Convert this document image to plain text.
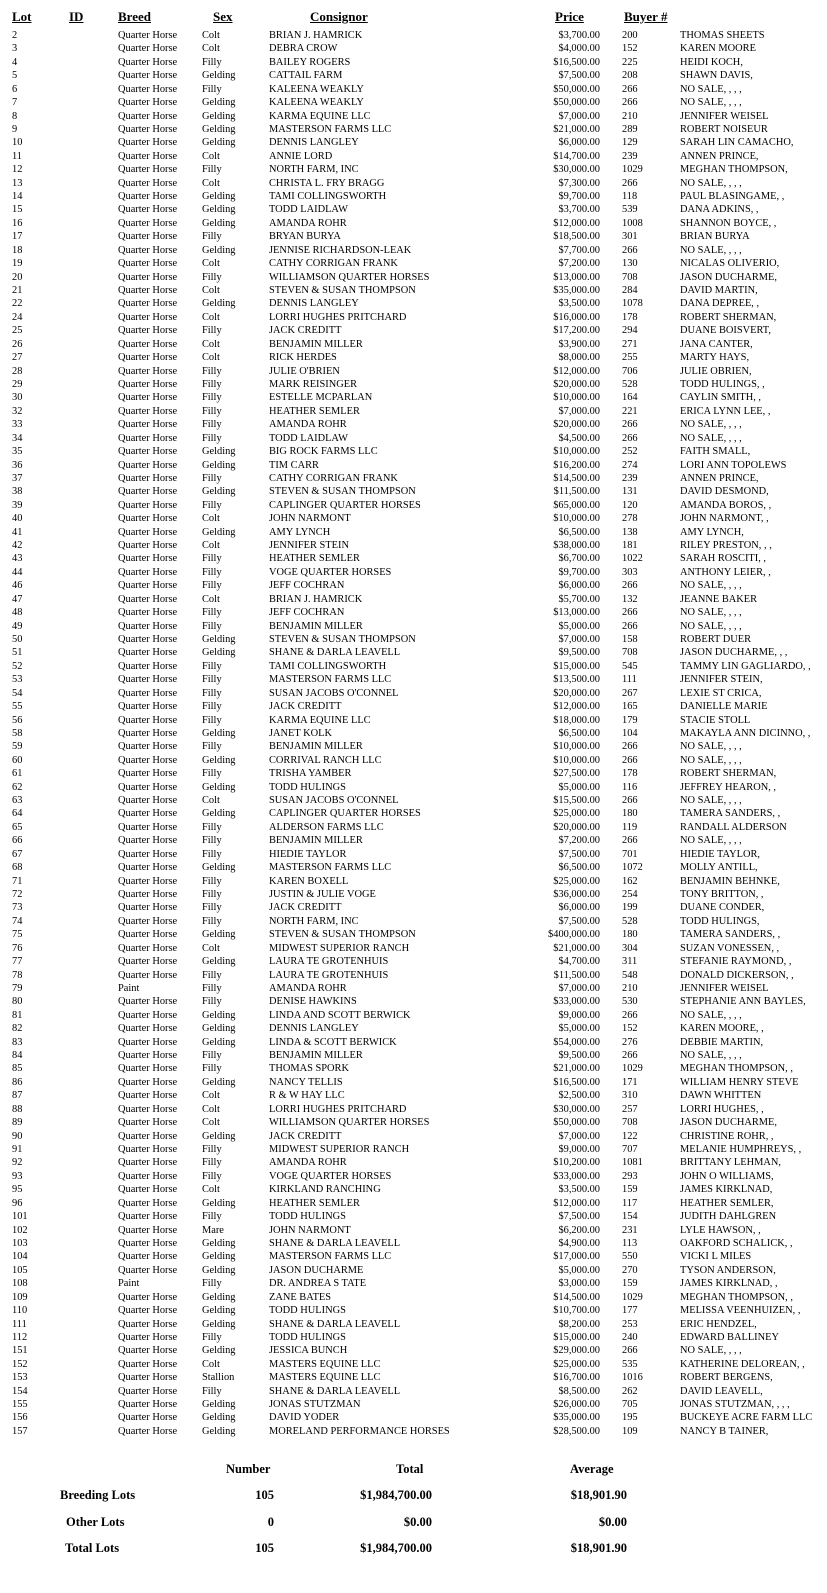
Lot	ID	Breed	Sex	Consignor	Price	Buyer #
2	Quarter Horse Colt	BRIAN J. HAMRICK	$3,700.00 200	THOMAS SHEETS
3	Quarter Horse Colt	DEBRA CROW	$4,000.00 152	KAREN MOORE
4	Quarter Horse Filly	BAILEY ROGERS	$16,500.00 225	HEIDI KOCH,
5	Quarter Horse Gelding	CATTAIL FARM	$7,500.00 208	SHAWN DAVIS,
6	Quarter Horse Filly	KALEENA WEAKLY	$50,000.00 266	NO SALE, , , ,
7	Quarter Horse Gelding	KALEENA WEAKLY	$50,000.00 266	NO SALE, , , ,
8	Quarter Horse Gelding	KARMA EQUINE LLC	$7,000.00 210	JENNIFER WEISEL
9	Quarter Horse Gelding	MASTERSON FARMS LLC	$21,000.00 289	ROBERT NOISEUR
10	Quarter Horse Gelding	DENNIS LANGLEY	$6,000.00 129	SARAH LIN CAMACHO,
11	Quarter Horse Colt	ANNIE LORD	$14,700.00 239	ANNEN PRINCE,
12	Quarter Horse Filly	NORTH FARM, INC	$30,000.00 1029	MEGHAN THOMPSON,
13	Quarter Horse Colt	CHRISTA L. FRY BRAGG	$7,300.00 266	NO SALE, , , ,
14	Quarter Horse Gelding	TAMI COLLINGSWORTH	$9,700.00 118	PAUL BLASINGAME, ,
15	Quarter Horse Gelding	TODD LAIDLAW	$3,700.00 539	DANA ADKINS, ,
16	Quarter Horse Gelding	AMANDA ROHR	$12,000.00 1008	SHANNON BOYCE, ,
17	Quarter Horse Filly	BRYAN BURYA	$18,500.00 301	BRIAN BURYA
18	Quarter Horse Gelding	JENNISE RICHARDSON-LEAK	$7,700.00 266	NO SALE, , , ,
19	Quarter Horse Colt	CATHY CORRIGAN FRANK	$7,200.00 130	NICALAS OLIVERIO,
20	Quarter Horse Filly	WILLIAMSON QUARTER HORSES	$13,000.00 708	JASON DUCHARME,
21	Quarter Horse Colt	STEVEN & SUSAN THOMPSON	$35,000.00 284	DAVID MARTIN,
22	Quarter Horse Gelding	DENNIS LANGLEY	$3,500.00 1078	DANA DEPREE, ,
24	Quarter Horse Colt	LORRI HUGHES PRITCHARD	$16,000.00 178	ROBERT SHERMAN,
25	Quarter Horse Filly	JACK CREDITT	$17,200.00 294	DUANE BOISVERT,
26	Quarter Horse Colt	BENJAMIN MILLER	$3,900.00 271	JANA CANTER,
27	Quarter Horse Colt	RICK HERDES	$8,000.00 255	MARTY HAYS,
28	Quarter Horse Filly	JULIE O'BRIEN	$12,000.00 706	JULIE OBRIEN,
29	Quarter Horse Filly	MARK REISINGER	$20,000.00 528	TODD HULINGS, ,
30	Quarter Horse Filly	ESTELLE MCPARLAN	$10,000.00 164	CAYLIN SMITH, ,
32	Quarter Horse Filly	HEATHER SEMLER	$7,000.00 221	ERICA LYNN LEE, ,
33	Quarter Horse Filly	AMANDA ROHR	$20,000.00 266	NO SALE, , , ,
34	Quarter Horse Filly	TODD LAIDLAW	$4,500.00 266	NO SALE, , , ,
35	Quarter Horse Gelding	BIG ROCK FARMS LLC	$10,000.00 252	FAITH SMALL,
36	Quarter Horse Gelding	TIM CARR	$16,200.00 274	LORI ANN TOPOLEWS
37	Quarter Horse Filly	CATHY CORRIGAN FRANK	$14,500.00 239	ANNEN PRINCE,
38	Quarter Horse Gelding	STEVEN & SUSAN THOMPSON	$11,500.00 131	DAVID DESMOND,
39	Quarter Horse Filly	CAPLINGER QUARTER HORSES	$65,000.00 120	AMANDA BOROS, ,
40	Quarter Horse Colt	JOHN NARMONT	$10,000.00 278	JOHN NARMONT, ,
41	Quarter Horse Gelding	AMY LYNCH	$6,500.00 138	AMY LYNCH,
42	Quarter Horse Colt	JENNIFER STEIN	$38,000.00 181	RILEY PRESTON, , ,
43	Quarter Horse Filly	HEATHER SEMLER	$6,700.00 1022	SARAH ROSCITI, ,
44	Quarter Horse Filly	VOGE QUARTER HORSES	$9,700.00 303	ANTHONY LEIER, ,
46	Quarter Horse Filly	JEFF COCHRAN	$6,000.00 266	NO SALE, , , ,
47	Quarter Horse Colt	BRIAN J. HAMRICK	$5,700.00 132	JEANNE BAKER
48	Quarter Horse Filly	JEFF COCHRAN	$13,000.00 266	NO SALE, , , ,
49	Quarter Horse Filly	BENJAMIN MILLER	$5,000.00 266	NO SALE, , , ,
50	Quarter Horse Gelding	STEVEN & SUSAN THOMPSON	$7,000.00 158	ROBERT DUER
51	Quarter Horse Gelding	SHANE & DARLA LEAVELL	$9,500.00 708	JASON DUCHARME, , ,
52	Quarter Horse Filly	TAMI COLLINGSWORTH	$15,000.00 545	TAMMY LIN GAGLIARDO, ,
53	Quarter Horse Filly	MASTERSON FARMS LLC	$13,500.00 111	JENNIFER STEIN,
54	Quarter Horse Filly	SUSAN JACOBS O'CONNEL	$20,000.00 267	LEXIE ST CRICA,
55	Quarter Horse Filly	JACK CREDITT	$12,000.00 165	DANIELLE MARIE
56	Quarter Horse Filly	KARMA EQUINE LLC	$18,000.00 179	STACIE STOLL
58	Quarter Horse Gelding	JANET KOLK	$6,500.00 104	MAKAYLA ANN DICINNO, ,
59	Quarter Horse Filly	BENJAMIN MILLER	$10,000.00 266	NO SALE, , , ,
60	Quarter Horse Gelding	CORRIVAL RANCH LLC	$10,000.00 266	NO SALE, , , ,
61	Quarter Horse Filly	TRISHA YAMBER	$27,500.00 178	ROBERT SHERMAN,
62	Quarter Horse Gelding	TODD HULINGS	$5,000.00 116	JEFFREY HEARON, ,
63	Quarter Horse Colt	SUSAN JACOBS O'CONNEL	$15,500.00 266	NO SALE, , , ,
64	Quarter Horse Gelding	CAPLINGER QUARTER HORSES	$25,000.00 180	TAMERA SANDERS, ,
65	Quarter Horse Filly	ALDERSON FARMS LLC	$20,000.00 119	RANDALL ALDERSON
66	Quarter Horse Filly	BENJAMIN MILLER	$7,200.00 266	NO SALE, , , ,
67	Quarter Horse Filly	HIEDIE TAYLOR	$7,500.00 701	HIEDIE TAYLOR,
68	Quarter Horse Gelding	MASTERSON FARMS LLC	$6,500.00 1072	MOLLY ANTILL,
71	Quarter Horse Filly	KAREN BOXELL	$25,000.00 162	BENJAMIN BEHNKE,
72	Quarter Horse Filly	JUSTIN & JULIE VOGE	$36,000.00 254	TONY BRITTON, ,
73	Quarter Horse Filly	JACK CREDITT	$6,000.00 199	DUANE CONDER,
74	Quarter Horse Filly	NORTH FARM, INC	$7,500.00 528	TODD HULINGS,
75	Quarter Horse Gelding	STEVEN & SUSAN THOMPSON	$400,000.00 180	TAMERA SANDERS, ,
76	Quarter Horse Colt	MIDWEST SUPERIOR RANCH	$21,000.00 304	SUZAN VONESSEN, ,
77	Quarter Horse Gelding	LAURA TE GROTENHUIS	$4,700.00 311	STEFANIE RAYMOND, ,
78	Quarter Horse Filly	LAURA TE GROTENHUIS	$11,500.00 548	DONALD DICKERSON, ,
79	Paint	Filly	AMANDA ROHR	$7,000.00 210	JENNIFER WEISEL
80	Quarter Horse Filly	DENISE HAWKINS	$33,000.00 530	STEPHANIE ANN BAYLES,
81	Quarter Horse Gelding	LINDA AND SCOTT BERWICK	$9,000.00 266	NO SALE, , , ,
82	Quarter Horse Gelding	DENNIS LANGLEY	$5,000.00 152	KAREN MOORE, ,
83	Quarter Horse Gelding	LINDA & SCOTT BERWICK	$54,000.00 276	DEBBIE MARTIN,
84	Quarter Horse Filly	BENJAMIN MILLER	$9,500.00 266	NO SALE, , , ,
85	Quarter Horse Filly	THOMAS SPORK	$21,000.00 1029	MEGHAN THOMPSON, ,
86	Quarter Horse Gelding	NANCY TELLIS	$16,500.00 171	WILLIAM HENRY STEVE
87	Quarter Horse Colt	R & W HAY LLC	$2,500.00 310	DAWN WHITTEN
88	Quarter Horse Colt	LORRI HUGHES PRITCHARD	$30,000.00 257	LORRI HUGHES, ,
89	Quarter Horse Colt	WILLIAMSON QUARTER HORSES	$50,000.00 708	JASON DUCHARME,
90	Quarter Horse Gelding	JACK CREDITT	$7,000.00 122	CHRISTINE ROHR, ,
91	Quarter Horse Filly	MIDWEST SUPERIOR RANCH	$9,000.00 707	MELANIE HUMPHREYS, ,
92	Quarter Horse Filly	AMANDA ROHR	$10,200.00 1081	BRITTANY LEHMAN,
93	Quarter Horse Filly	VOGE QUARTER HORSES	$33,000.00 293	JOHN O WILLIAMS,
95	Quarter Horse Colt	KIRKLAND RANCHING	$3,500.00 159	JAMES KIRKLNAD,
96	Quarter Horse Gelding	HEATHER SEMLER	$12,000.00 117	HEATHER SEMLER,
101	Quarter Horse Filly	TODD HULINGS	$7,500.00 154	JUDITH DAHLGREN
102	Quarter Horse Mare	JOHN NARMONT	$6,200.00 231	LYLE HAWSON, ,
103	Quarter Horse Gelding	SHANE & DARLA LEAVELL	$4,900.00 113	OAKFORD SCHALICK, ,
104	Quarter Horse Gelding	MASTERSON FARMS LLC	$17,000.00 550	VICKI L MILES
105	Quarter Horse Gelding	JASON DUCHARME	$5,000.00 270	TYSON ANDERSON,
108	Paint	Filly	DR. ANDREA S TATE	$3,000.00 159	JAMES KIRKLNAD, ,
109	Quarter Horse Gelding	ZANE BATES	$14,500.00 1029	MEGHAN THOMPSON, ,
110	Quarter Horse Gelding	TODD HULINGS	$10,700.00 177	MELISSA VEENHUIZEN, ,
111	Quarter Horse Gelding	SHANE & DARLA LEAVELL	$8,200.00 253	ERIC HENDZEL,
112	Quarter Horse Filly	TODD HULINGS	$15,000.00 240	EDWARD BALLINEY
151	Quarter Horse Gelding	JESSICA BUNCH	$29,000.00 266	NO SALE, , , ,
152	Quarter Horse Colt	MASTERS EQUINE LLC	$25,000.00 535	KATHERINE DELOREAN, ,
153	Quarter Horse Stallion	MASTERS EQUINE LLC	$16,700.00 1016	ROBERT BERGENS,
154	Quarter Horse Filly	SHANE & DARLA LEAVELL	$8,500.00 262	DAVID LEAVELL,
155	Quarter Horse Gelding	JONAS STUTZMAN	$26,000.00 705	JONAS STUTZMAN, , , ,
156	Quarter Horse Gelding	DAVID YODER	$35,000.00 195	BUCKEYE ACRE FARM LLC
157	Quarter Horse Gelding	MORELAND PERFORMANCE HORSES	$28,500.00 109	NANCY B TAINER,
Number	Total	Average
Breeding Lots	105	$1,984,700.00	$18,901.90
Other Lots	0	$0.00	$0.00
Total Lots	105	$1,984,700.00	$18,901.90
